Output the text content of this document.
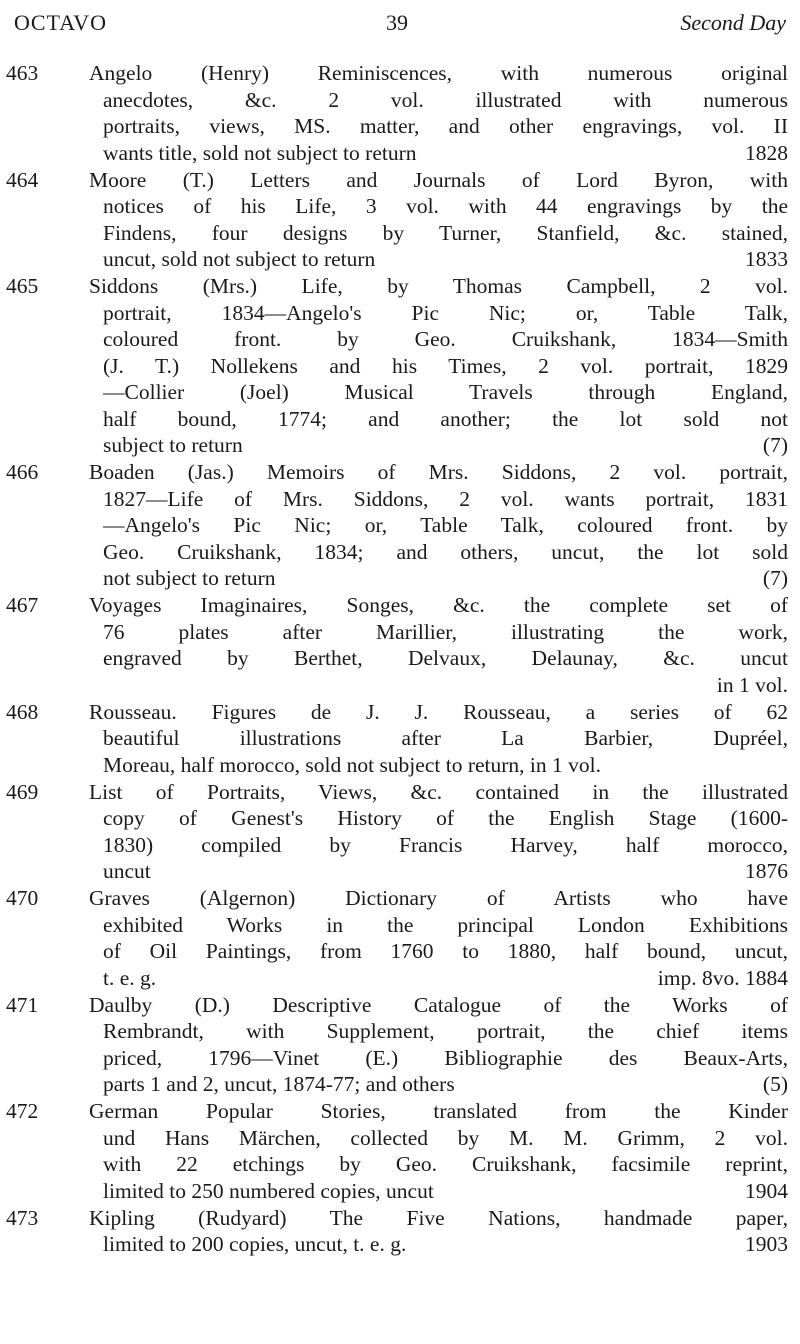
OCTAVO	39	Second Day
463	Angelo (Henry) Reminiscences, with numerous original
anecdotes, &c. 2 vol. illustrated with numerous
portraits, views, MS. matter, and other engravings, vol. II
wants title, sold not subject to return	1828
464	Moore (T.) Letters and Journals of Lord Byron, with
notices of his Life, 3 vol. with 44 engravings by the
Findens, four designs by Turner, Stanfield, &c. stained,
uncut, sold not subject to return	1833
465	Siddons (Mrs.) Life, by Thomas Campbell, 2 vol.
portrait, 1834—Angelo's Pic Nic; or, Table Talk,
coloured front. by Geo. Cruikshank, 1834—Smith
(J. T.) Nollekens and his Times, 2 vol. portrait, 1829
—Collier (Joel) Musical Travels through England,
half bound, 1774; and another; the lot sold not
subject to return	(7)
466	Boaden (Jas.) Memoirs of Mrs. Siddons, 2 vol. portrait,
1827—Life of Mrs. Siddons, 2 vol. wants portrait, 1831
—Angelo's Pic Nic; or, Table Talk, coloured front. by
Geo. Cruikshank, 1834; and others, uncut, the lot sold
not subject to return	(7)
467	Voyages Imaginaires, Songes, &c. the complete set of
76 plates after Marillier, illustrating the work,
engraved by Berthet, Delvaux, Delaunay, &c. uncut
in 1 vol.
468	Rousseau. Figures de J. J. Rousseau, a series of 62
beautiful illustrations after La Barbier, Dupréel,
Moreau, half morocco, sold not subject to return, in 1 vol.
469	List of Portraits, Views, &c. contained in the illustrated
copy of Genest's History of the English Stage (1600-
1830) compiled by Francis Harvey, half morocco,
uncut	1876
470	Graves (Algernon) Dictionary of Artists who have
exhibited Works in the principal London Exhibitions
of Oil Paintings, from 1760 to 1880, half bound, uncut,
t. e. g.	imp. 8vo. 1884
471	Daulby (D.) Descriptive Catalogue of the Works of
Rembrandt, with Supplement, portrait, the chief items
priced, 1796—Vinet (E.) Bibliographie des Beaux-Arts,
parts 1 and 2, uncut, 1874-77; and others	(5)
472	German Popular Stories, translated from the Kinder
und Hans Märchen, collected by M. M. Grimm, 2 vol.
with 22 etchings by Geo. Cruikshank, facsimile reprint,
limited to 250 numbered copies, uncut	1904
473	Kipling (Rudyard) The Five Nations, handmade paper,
limited to 200 copies, uncut, t. e. g.	1903
